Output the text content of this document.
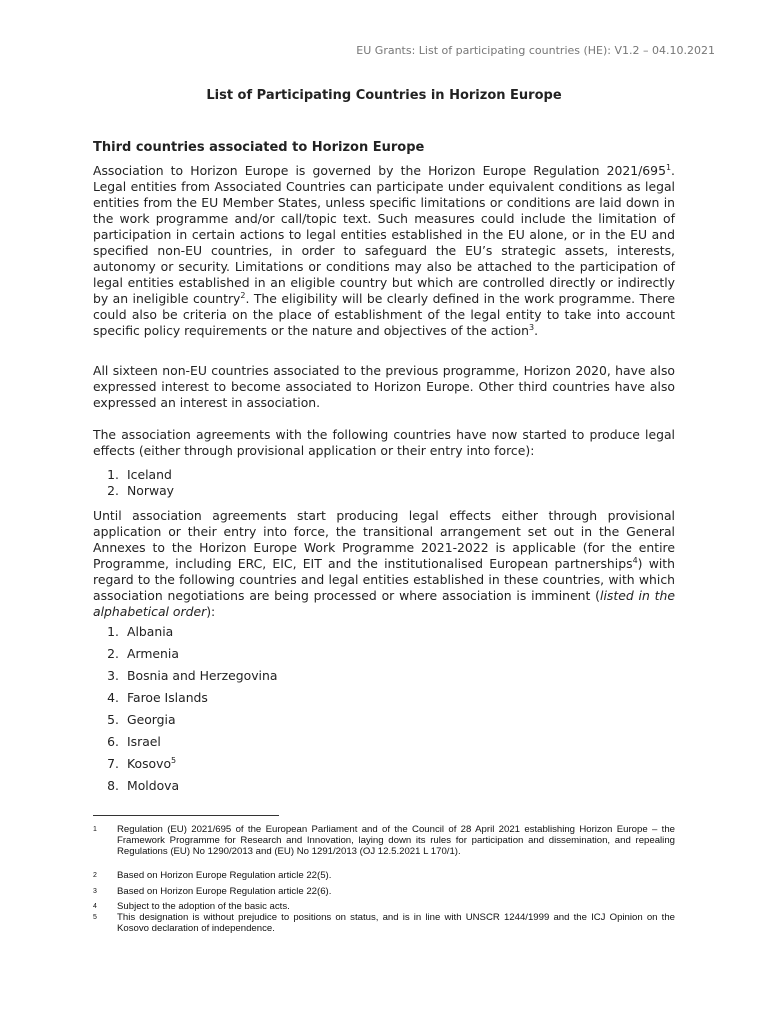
EU Grants: List of participating countries (HE): V1.2 – 04.10.2021
List of Participating Countries in Horizon Europe
Third countries associated to Horizon Europe

Association to Horizon Europe is governed by the Horizon Europe Regulation $2021/695^1$. Legal entities from Associated Countries can participate under equivalent conditions as legal entities from the EU Member States, unless specific limitations or conditions are laid down in the work programme and/or call/topic text. Such measures could include the limitation of participation in certain actions to legal entities established in the EU alone, or in the EU and specified non-EU countries, in order to safeguard the EU’s strategic assets, interests, autonomy or security. Limitations or conditions may also be attached to the participation of legal entities established in an eligible country but which are controlled directly or indirectly by an ineligible country$^2$. The eligibility will be clearly defined in the work programme. There could also be criteria on the place of establishment of the legal entity to take into account specific policy requirements or the nature and objectives of the action$^3$.

All sixteen non-EU countries associated to the previous programme, Horizon 2020, have also expressed interest to become associated to Horizon Europe. Other third countries have also expressed an interest in association.

The association agreements with the following countries have now started to produce legal effects (either through provisional application or their entry into force):

1. Iceland
2. Norway

Until association agreements start producing legal effects either through provisional application or their entry into force, the transitional arrangement set out in the General Annexes to the Horizon Europe Work Programme 2021-2022 is applicable (for the entire Programme, including ERC, EIC, EIT and the institutionalised European partnerships$^4$) with regard to the following countries and legal entities established in these countries, with which association negotiations are being processed or where association is imminent (listed in the alphabetical order):

1. Albania
2. Armenia
3. Bosnia and Herzegovina
4. Faroe Islands
5. Georgia
6. Israel
7. Kosovo$^5$
8. Moldova
1 Regulation (EU) 2021/695 of the European Parliament and of the Council of 28 April 2021 establishing Horizon Europe – the Framework Programme for Research and Innovation, laying down its rules for participation and dissemination, and repealing Regulations (EU) No 1290/2013 and (EU) No 1291/2013 (OJ 12.5.2021 L 170/1).
2 Based on Horizon Europe Regulation article 22(5).
3 Based on Horizon Europe Regulation article 22(6).
4 Subject to the adoption of the basic acts.
5 This designation is without prejudice to positions on status, and is in line with UNSCR 1244/1999 and the ICJ Opinion on the Kosovo declaration of independence.
